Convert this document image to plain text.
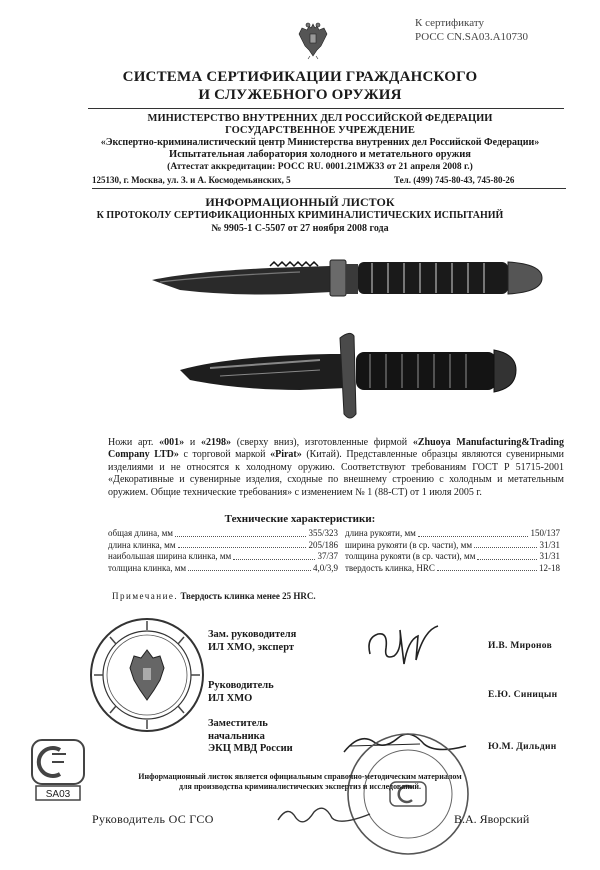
К сертификату
РОСС CN.SA03.A10730
СИСТЕМА СЕРТИФИКАЦИИ ГРАЖДАНСКОГО
И СЛУЖЕБНОГО ОРУЖИЯ
МИНИСТЕРСТВО ВНУТРЕННИХ ДЕЛ РОССИЙСКОЙ ФЕДЕРАЦИИ
ГОСУДАРСТВЕННОЕ УЧРЕЖДЕНИЕ
«Экспертно-криминалистический центр Министерства внутренних дел Российской Федерации»
Испытательная лаборатория холодного и метательного оружия
(Аттестат аккредитации: РОСС RU. 0001.21МЖ33 от 21 апреля 2008 г.)
125130, г. Москва, ул. З. и А. Космодемьянских, 5	Тел. (499) 745-80-43, 745-80-26
ИНФОРМАЦИОННЫЙ ЛИСТОК
К ПРОТОКОЛУ СЕРТИФИКАЦИОННЫХ КРИМИНАЛИСТИЧЕСКИХ ИСПЫТАНИЙ
№ 9905-1 С-5507 от 27 ноября 2008 года
Ножи арт. «001» и «2198» (сверху вниз), изготовленные фирмой «Zhuoya Manufacturing&Trading Company LTD» с торговой маркой «Pirat» (Китай). Представленные образцы являются сувенирными изделиями и не относятся к холодному оружию. Соответствуют требованиям ГОСТ Р 51715-2001 «Декоративные и сувенирные изделия, сходные по внешнему строению с холодным и метательным оружием. Общие технические требования» с изменением № 1 (88-СТ) от 1 июля 2005 г.
Технические характеристики:
общая длина, мм	355/323
длина клинка, мм	205/186
наибольшая ширина клинка, мм	37/37
толщина клинка, мм	4,0/3,9
длина рукояти, мм	150/137
ширина рукояти (в ср. части), мм	31/31
толщина рукояти (в ср. части), мм	31/31
твердость клинка, HRC	12-18
Примечание. Твердость клинка менее 25 HRC.
SA03
Зам. руководителя
ИЛ ХМО, эксперт	И.В. Миронов
Руководитель
ИЛ ХМО	Е.Ю. Синицын
Заместитель
начальника
ЭКЦ МВД России	Ю.М. Дильдин
Информационный листок является официальным справочно-методическим материалом
для производства криминалистических экспертиз и исследований.
Руководитель ОС ГСО	В.А. Яворский
